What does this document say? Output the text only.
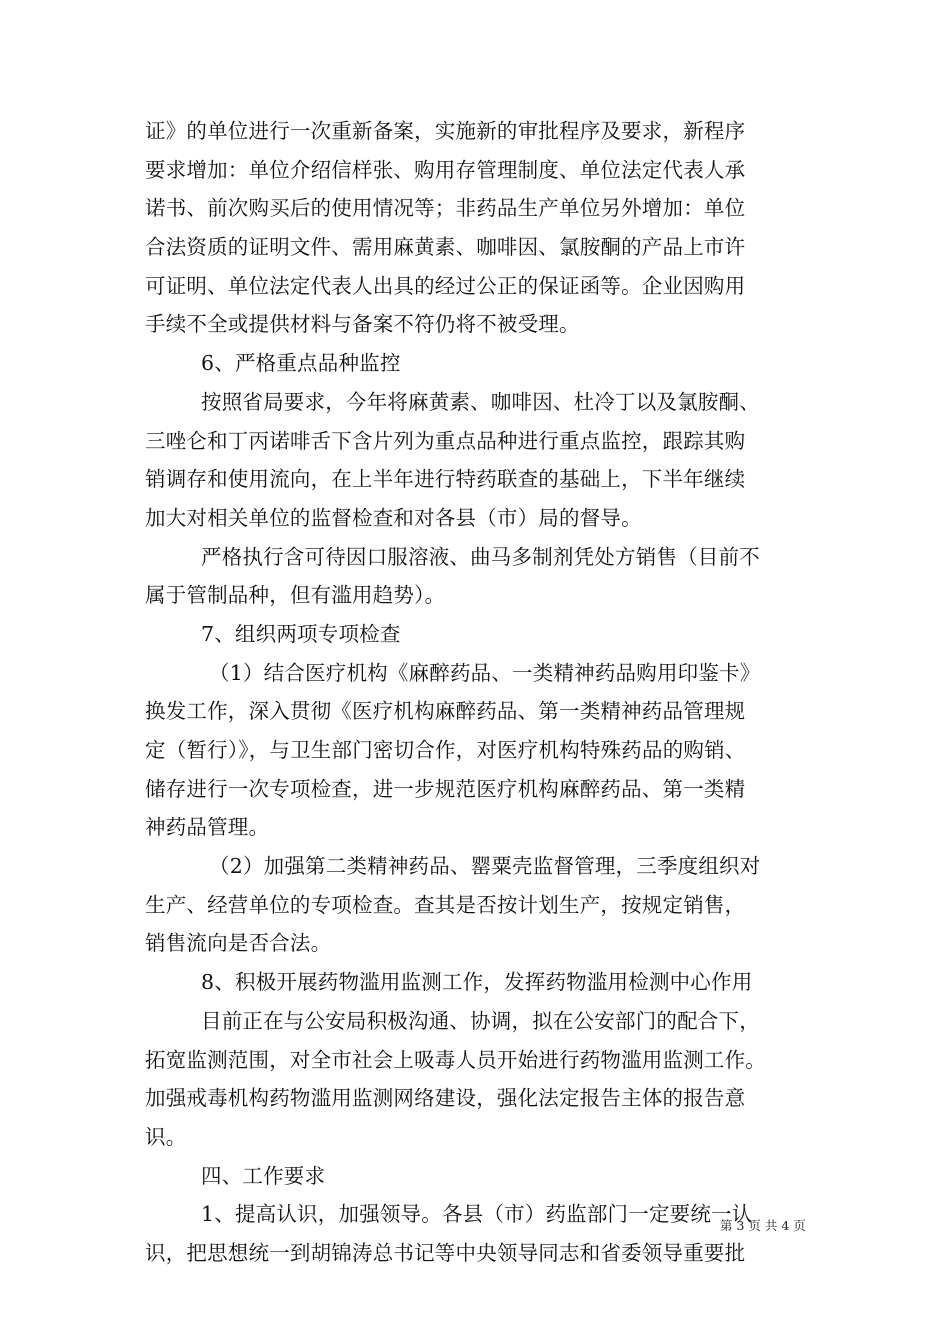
证》的单位进行一次重新备案，实施新的审批程序及要求，新程序
要求增加：单位介绍信样张、购用存管理制度、单位法定代表人承
诺书、前次购买后的使用情况等；非药品生产单位另外增加：单位
合法资质的证明文件、需用麻黄素、咖啡因、氯胺酮的产品上市许
可证明、单位法定代表人出具的经过公正的保证函等。企业因购用
手续不全或提供材料与备案不符仍将不被受理。
6、严格重点品种监控
按照省局要求，今年将麻黄素、咖啡因、杜冷丁以及氯胺酮、
三唑仑和丁丙诺啡舌下含片列为重点品种进行重点监控，跟踪其购
销调存和使用流向，在上半年进行特药联查的基础上，下半年继续
加大对相关单位的监督检查和对各县（市）局的督导。
严格执行含可待因口服溶液、曲马多制剂凭处方销售（目前不
属于管制品种，但有滥用趋势）。
7、组织两项专项检查
（1）结合医疗机构《麻醉药品、一类精神药品购用印鉴卡》
换发工作，深入贯彻《医疗机构麻醉药品、第一类精神药品管理规
定（暂行）》，与卫生部门密切合作，对医疗机构特殊药品的购销、
储存进行一次专项检查，进一步规范医疗机构麻醉药品、第一类精
神药品管理。
（2）加强第二类精神药品、罂粟壳监督管理，三季度组织对
生产、经营单位的专项检查。查其是否按计划生产，按规定销售，
销售流向是否合法。
8、积极开展药物滥用监测工作，发挥药物滥用检测中心作用
目前正在与公安局积极沟通、协调，拟在公安部门的配合下，
拓宽监测范围，对全市社会上吸毒人员开始进行药物滥用监测工作。
加强戒毒机构药物滥用监测网络建设，强化法定报告主体的报告意
识。
四、工作要求
1、提高认识，加强领导。各县（市）药监部门一定要统一认
识，把思想统一到胡锦涛总书记等中央领导同志和省委领导重要批
第 3 页 共 4 页
